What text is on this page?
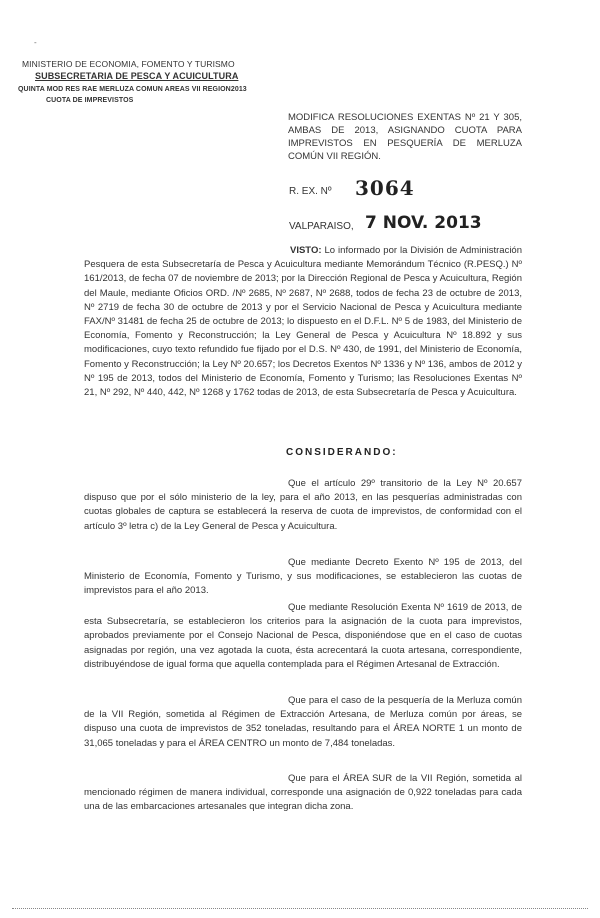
-
MINISTERIO DE ECONOMIA, FOMENTO Y TURISMO
SUBSECRETARIA DE PESCA Y ACUICULTURA
QUINTA MOD RES RAE MERLUZA COMUN AREAS VII REGION2013
CUOTA DE IMPREVISTOS
MODIFICA RESOLUCIONES EXENTAS Nº 21 Y 305, AMBAS DE 2013, ASIGNANDO CUOTA PARA IMPREVISTOS EN PESQUERÍA DE MERLUZA COMÚN VII REGIÓN.
R. EX. Nº 3064
VALPARAISO, 7 NOV. 2013
VISTO: Lo informado por la División de Administración Pesquera de esta Subsecretaría de Pesca y Acuicultura mediante Memorándum Técnico (R.PESQ.) Nº 161/2013, de fecha 07 de noviembre de 2013; por la Dirección Regional de Pesca y Acuicultura, Región del Maule, mediante Oficios ORD. /Nº 2685, Nº 2687, Nº 2688, todos de fecha 23 de octubre de 2013, Nº 2719 de fecha 30 de octubre de 2013 y por el Servicio Nacional de Pesca y Acuicultura mediante FAX/Nº 31481 de fecha 25 de octubre de 2013; lo dispuesto en el D.F.L. Nº 5 de 1983, del Ministerio de Economía, Fomento y Reconstrucción; la Ley General de Pesca y Acuicultura Nº 18.892 y sus modificaciones, cuyo texto refundido fue fijado por el D.S. Nº 430, de 1991, del Ministerio de Economía, Fomento y Reconstrucción; la Ley Nº 20.657; los Decretos Exentos Nº 1336 y Nº 136, ambos de 2012 y Nº 195 de 2013, todos del Ministerio de Economía, Fomento y Turismo; las Resoluciones Exentas Nº 21, Nº 292, Nº 440, 442, Nº 1268 y 1762 todas de 2013, de esta Subsecretaría de Pesca y Acuicultura.
CONSIDERANDO:
Que el artículo 29º transitorio de la Ley Nº 20.657 dispuso que por el sólo ministerio de la ley, para el año 2013, en las pesquerías administradas con cuotas globales de captura se establecerá la reserva de cuota de imprevistos, de conformidad con el artículo 3º letra c) de la Ley General de Pesca y Acuicultura.
Que mediante Decreto Exento Nº 195 de 2013, del Ministerio de Economía, Fomento y Turismo, y sus modificaciones, se establecieron las cuotas de imprevistos para el año 2013.
Que mediante Resolución Exenta Nº 1619 de 2013, de esta Subsecretaría, se establecieron los criterios para la asignación de la cuota para imprevistos, aprobados previamente por el Consejo Nacional de Pesca, disponiéndose que en el caso de cuotas asignadas por región, una vez agotada la cuota, ésta acrecentará la cuota artesana, correspondiente, distribuyéndose de igual forma que aquella contemplada para el Régimen Artesanal de Extracción.
Que para el caso de la pesquería de la Merluza común de la VII Región, sometida al Régimen de Extracción Artesana, de Merluza común por áreas, se dispuso una cuota de imprevistos de 352 toneladas, resultando para el ÁREA NORTE 1 un monto de 31,065 toneladas y para el ÁREA CENTRO un monto de 7,484 toneladas.
Que para el ÁREA SUR de la VII Región, sometida al mencionado régimen de manera individual, corresponde una asignación de 0,922 toneladas para cada una de las embarcaciones artesanales que integran dicha zona.
